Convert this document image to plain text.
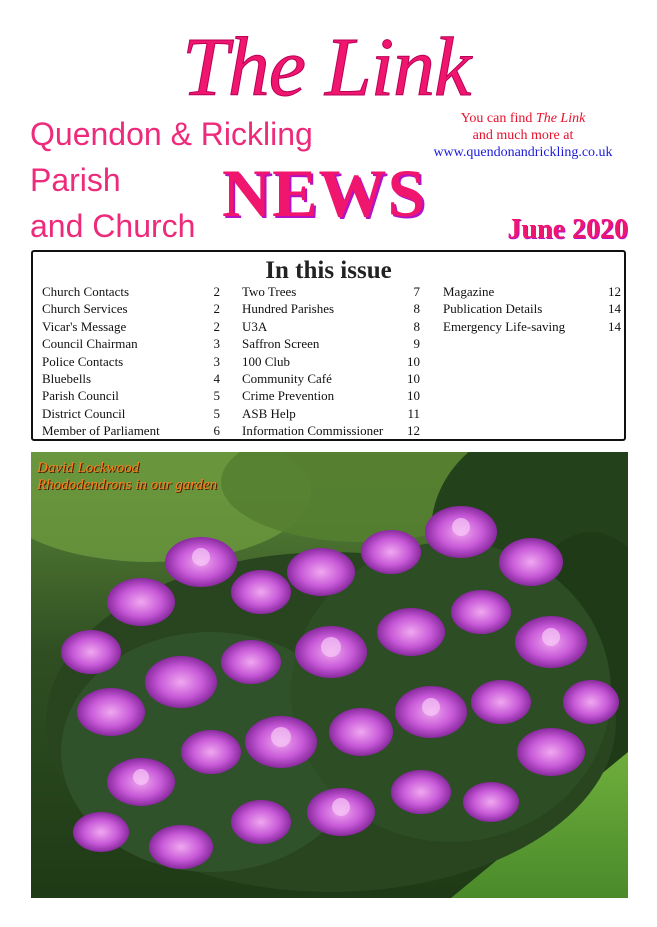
The Link
Quendon & Rickling
Parish
and Church NEWS
You can find The Link
and much more at
www.quendonandrickling.co.uk
June 2020
In this issue
Church Contacts	2
Church Services	2
Vicar's Message	2
Council Chairman	3
Police Contacts	3
Bluebells	4
Parish Council	5
District Council	5
Member of Parliament	6
Two Trees	7
Hundred Parishes	8
U3A	8
Saffron Screen	9
100 Club	10
Community Café	10
Crime Prevention	10
ASB Help	11
Information Commissioner	12
Magazine	12
Publication Details	14
Emergency Life-saving	14
David Lockwood
Rhododendrons in our garden
